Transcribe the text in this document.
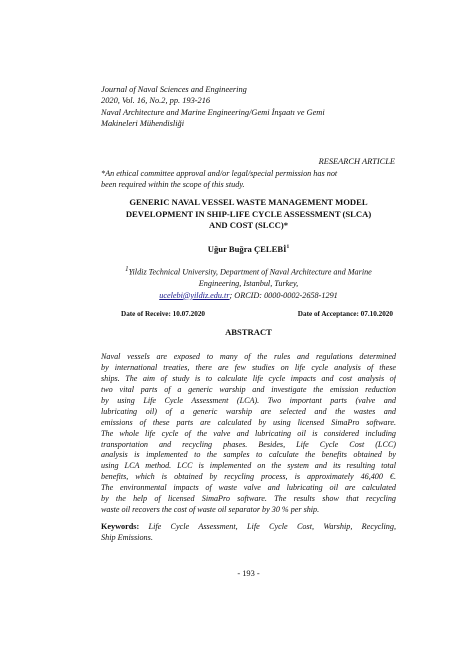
Journal of Naval Sciences and Engineering
2020, Vol. 16, No.2, pp. 193-216
Naval Architecture and Marine Engineering/Gemi İnşaatı ve Gemi
Makineleri Mühendisliği
RESEARCH ARTICLE
*An ethical committee approval and/or legal/special permission has not
been required within the scope of this study.
GENERIC NAVAL VESSEL WASTE MANAGEMENT MODEL
DEVELOPMENT IN SHIP-LIFE CYCLE ASSESSMENT (SLCA)
AND COST (SLCC)*
Uğur Buğra ÇELEBİ$^1$
$^1$Yildiz Technical University, Department of Naval Architecture and Marine
Engineering, Istanbul, Turkey,
ucelebi@yildiz.edu.tr; ORCID: 0000-0002-2658-1291
Date of Receive: 10.07.2020	Date of Acceptance: 07.10.2020
ABSTRACT
Naval vessels are exposed to many of the rules and regulations determined
by international treaties, there are few studies on life cycle analysis of these
ships. The aim of study is to calculate life cycle impacts and cost analysis of
two vital parts of a generic warship and investigate the emission reduction
by using Life Cycle Assessment (LCA). Two important parts (valve and
lubricating oil) of a generic warship are selected and the wastes and
emissions of these parts are calculated by using licensed SimaPro software.
The whole life cycle of the valve and lubricating oil is considered including
transportation and recycling phases. Besides, Life Cycle Cost (LCC)
analysis is implemented to the samples to calculate the benefits obtained by
using LCA method. LCC is implemented on the system and its resulting total
benefits, which is obtained by recycling process, is approximately 46,400 €.
The environmental impacts of waste valve and lubricating oil are calculated
by the help of licensed SimaPro software. The results show that recycling
waste oil recovers the cost of waste oil separator by 30 % per ship.
Keywords: Life Cycle Assessment, Life Cycle Cost, Warship, Recycling,
Ship Emissions.
- 193 -
